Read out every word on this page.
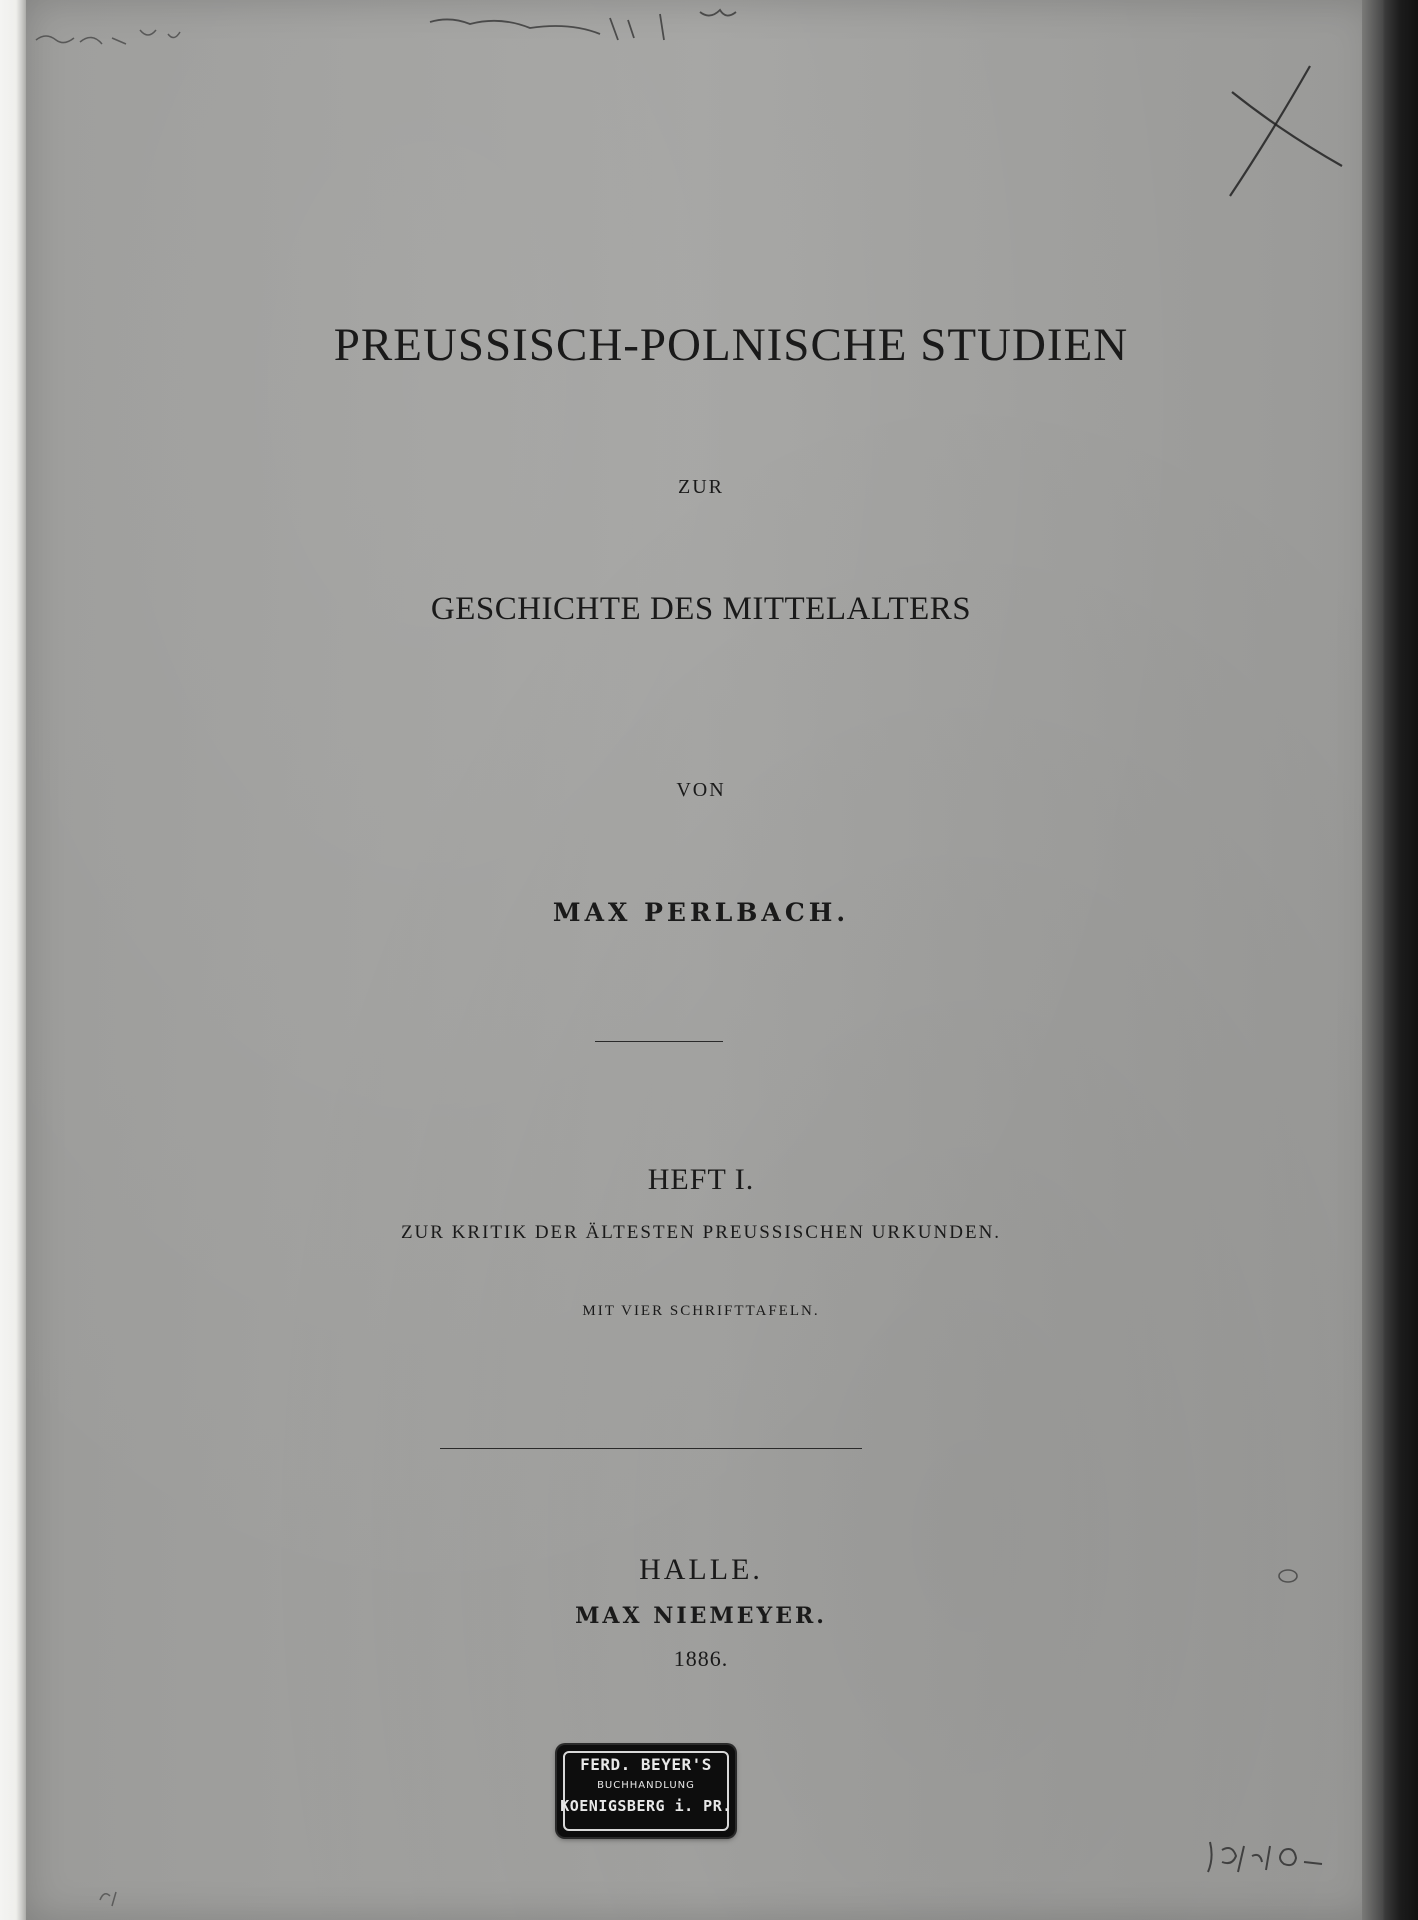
PREUSSISCH-POLNISCHE STUDIEN
ZUR
GESCHICHTE DES MITTELALTERS
VON
MAX PERLBACH.
HEFT I.
ZUR KRITIK DER ÄLTESTEN PREUSSISCHEN URKUNDEN.
MIT VIER SCHRIFTTAFELN.
HALLE.
MAX NIEMEYER.
1886.
FERD. BEYER'S
BUCHHANDLUNG
KOENIGSBERG i. PR.
